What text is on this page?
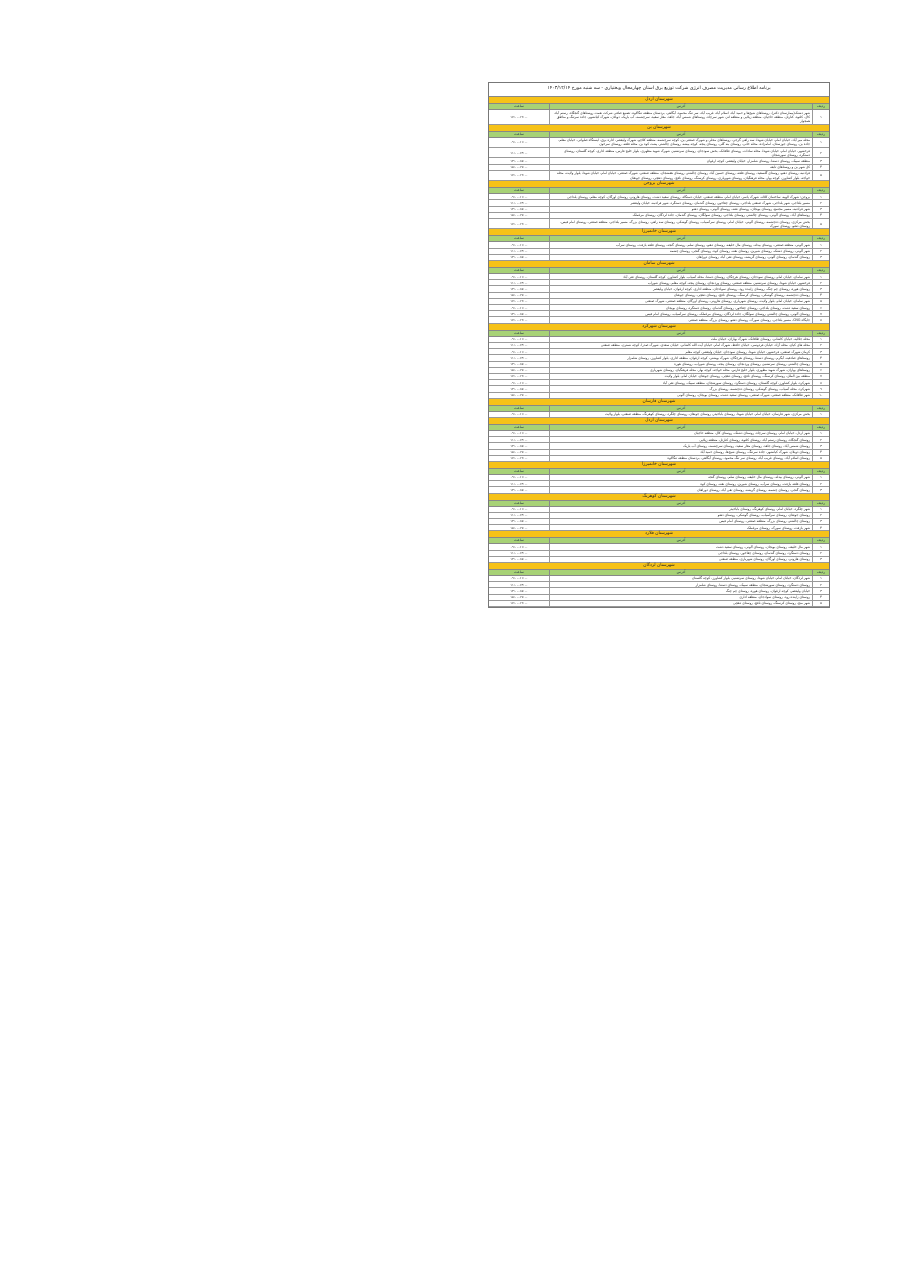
برنامه اطلاع رسانی مدیریت مصرف انرژی شرکت توزیع برق استان چهارمحال وبختیاری - سه شنبه مورخ ۱۴۰۳/۱۲/۱۴
شهرستان اردل
ردیف
آدرس
ساعت
۱
شهر دشتک(بیمارستان دکتر)، روستاهای شیخ‌ها و حمید آباد، اسلام آباد، غریب آباد، سر تنگ محمود، آبگاهی، بردستان منطقه تنگاکوه، تصنیع صافی شرکت نعمت روستاهای گنجگاه، رستم آباد، کال، کلتوه، کنارتل، منطقه حاجیان، منطقه زیلایی و منطقه لنز، شهر سرچاه، روستاهای شمس آباد، جاهد، مغار سفید، سرچشمه، آب باریک، دوبلان، شهرک کیانشهر، جاده سرتنگ و مناطق همجوار
۱۷:۰۰-۱۹:۰۰
شهرستان بن
ردیف
آدرس
ساعت
۱
محله میر آباد، خیابان امام، خیابان شهدا، سه راهی گرجی، روستاهای محلی و شهرک صنعتی بن، کوچه سرچشمه، منطقه کلاچو، شهرک ولیعصر، اداره برق، ایستگاه صلواتی، خیابان معلم، جاده بن، روستای جوزستان، امامزاده، محله خانی، روستای بنه گلی، روستای پنجه، کوچه بیشه، روستای چالشتر، پشت کوه بن، محله قلعه، روستای سرخون
۰۹:۰۰-۱۱:۰۰
۲
فرخشهر، خیابان امام، خیابان شهدا، محله سادات، روستای طاقانک، بخش سودجان، روستای سرتشنیز، شهرک شهید مطهری، بلوار خلیج فارس، منطقه اداری، کوچه گلستان، روستای دستگرد، روستای سورشجان
۱۱:۰۰-۱۳:۰۰
۳
منطقه سیبک، روستای دستنا، روستای شلمزار، خیابان ولیعصر، کوچه ارغوان
۱۳:۰۰-۱۵:۰۰
۴
کل شهر بن و روستاهای تابعه
۱۵:۰۰-۱۷:۰۰
۵
فرادنبه، روستای دهنو، روستای گلسفید، روستای قلعه، روستای حسین آباد، روستای چالشتر، روستای هفشجان، منطقه صنعتی، شهرک صنعتی، خیابان امام، خیابان شهدا، بلوار ولایت، محله خواجه، بلوار کشاورز، کوچه بهار، محله فرهنگیان، روستای شهریاری، روستای کرسنگ، روستای نافچ، روستای دهچی، روستای جونقان
۱۷:۰۰-۱۹:۰۰
شهرستان بروجن
ردیف
آدرس
ساعت
۱
بروجن: شهرک الهیه، ساختمان کلاله، شهرک یاسر، خیابان امام، منطقه صنعتی، خیابان دستگاه، روستای سفید دشت، روستای هارونی، روستای اورگان، کوچه معلم، روستای بلداجی
۰۹:۰۰-۱۱:۰۰
۲
مسیر بلداجی، شهر بلداجی، شهرک صنعتی بلداجی، روستای چغاخور، روستای گندمان، روستای دستگرد، شهر فرادنبه، خیابان ولیعصر
۱۱:۰۰-۱۳:۰۰
۳
شهر فرادنبه، مسیر مجتمع، روستای بویجان، روستای نقنه، روستای آلونی، روستای دهنو
۱۳:۰۰-۱۵:۰۰
۴
روستاهای آباد، روستای آلونی، روستای چالشتر، روستای بلداجی، روستای سولگان، روستای گندمان، جاده لردگان، روستای مرغملک
۱۵:۰۰-۱۷:۰۰
۵
بخش مرکزی، روستای ده‌چشمه، روستای آلونی، خیابان امام، روستای سرآسیاب، روستای گوشکی، روستای سه راهی، روستای بزرگ، مسیر بلداجی، منطقه صنعتی، روستای امام قیس، روستای دهنو، روستای سورک
۱۷:۰۰-۱۹:۰۰
شهرستان خانمیرزا
ردیف
آدرس
ساعت
۱
شهر آلونی، منطقه صنعتی، روستای بیدله، روستای مال خلیفه، روستای دهنو، روستای سلم، روستای گنجه، روستای قلعه بازفت، روستای سرآب
۰۹:۰۰-۱۱:۰۰
۲
شهر آلونی، روستای دشتک، روستای شیرین، روستای نقنه، روستای کوه، روستای گنجی، روستای چشمه
۱۱:۰۰-۱۳:۰۰
۳
روستای گندمان، روستای آلونی، روستای گریشه، روستای تقی آباد، روستای دوراهان
۱۳:۰۰-۱۵:۰۰
شهرستان سامان
ردیف
آدرس
ساعت
۱
شهر سامان، خیابان امام، روستای سودجان، روستای هرچگان، روستای دستنا، محله آسیاب، بلوار کشاورز، کوچه گلستان، روستای تقی آباد
۰۹:۰۰-۱۱:۰۰
۲
فرخشهر، خیابان شهدا، روستای سرتشنیز، منطقه صنعتی، روستای وردنجان، روستای پنجه، کوچه معلم، روستای شوراب
۱۱:۰۰-۱۳:۰۰
۳
روستای هوره، روستای چم چنگ، روستای زاینده رود، روستای سوادجان، منطقه اداری، کوچه ارغوان، خیابان ولیعصر
۱۳:۰۰-۱۵:۰۰
۴
روستای ده‌چشمه، روستای گوشکی، روستای کرسنگ، روستای نافچ، روستای دهچی، روستای جونقان
۱۵:۰۰-۱۷:۰۰
۵
شهر سامان، خیابان امام، بلوار ولایت، روستای شهریاری، روستای هارونی، روستای اورگان، منطقه صنعتی، شهرک صنعتی
۱۷:۰۰-۱۹:۰۰
۶
روستای سفید دشت، روستای بلداجی، روستای چغاخور، روستای گندمان، روستای دستگرد، روستای بویجان
۰۹:۰۰-۱۱:۰۰
۷
روستای آلونی، روستای چالشتر، روستای سولگان، جاده لردگان، روستای مرغملک، روستای سرآسیاب، روستای امام قیس
۱۳:۰۰-۱۵:۰۰
۸
جایگاه CNG، مسیر بلداجی، روستای سورک، روستای دهنو، روستای بزرگ، منطقه صنعتی
۱۷:۰۰-۱۹:۰۰
شهرستان شهرکرد
ردیف
آدرس
ساعت
۱
محله جلالیه، خیابان کاشانی، روستای طاقانک، شهرک بهاران، خیابان ملت
۰۹:۰۰-۱۱:۰۰
۲
محله های کیان، محله آزاد، خیابان فردوسی، خیابان حافظ، شهرک امام، خیابان آیت الله کاشانی، خیابان سعدی، شهرک صدرا، کوچه نسترن، منطقه صنعتی
۱۱:۰۰-۱۳:۰۰
۳
کرمان شهرک صنعتی، فرخشهر، خیابان شهدا، روستای سودجان، خیابان ولیعصر، کوچه معلم
۰۹:۰۰-۱۱:۰۰
۴
روستاهای صادقیه، آبگرم، روستای دستنا، روستای هرچگان، شهرک بهشتی، کوچه ارغوان، منطقه اداری، بلوار کشاورز، روستای شلمزار
۱۱:۰۰-۱۳:۰۰
۵
روستای چالشتر، روستای سرتشنیز، روستای وردنجان، روستای پنجه، روستای شوراب، روستای هوره
۱۳:۰۰-۱۵:۰۰
۶
روستاهای بهاران، شهرک شهید مطهری، بلوار خلیج فارس، محله خواجه، کوچه بهار، محله فرهنگیان، روستای شهریاری
۱۵:۰۰-۱۷:۰۰
۷
منطقه بین الملل، روستای کرسنگ، روستای نافچ، روستای دهچی، روستای جونقان، خیابان امام، بلوار ولایت
۱۷:۰۰-۱۹:۰۰
۸
شهرکرد، بلوار کشاورز، کوچه گلستان، روستای دستگرد، روستای سورشجان، منطقه سیبک، روستای تقی آباد
۰۹:۰۰-۱۱:۰۰
۹
شهرکرد، محله آسیاب، روستای گوشکی، روستای ده‌چشمه، روستای بزرگ
۱۳:۰۰-۱۵:۰۰
۱۰
شهر طاقانک، منطقه صنعتی، شهرک صنعتی، روستای سفید دشت، روستای بویجان، روستای آلونی
۱۵:۰۰-۱۷:۰۰
شهرستان فارسان
ردیف
آدرس
ساعت
۱
بخش مرکزی، شهر فارسان، خیابان امام، خیابان شهدا، روستای باباحیدر، روستای جونقان، روستای چلگرد، روستای کوهرنگ، منطقه صنعتی، بلوار ولایت
۰۹:۰۰-۱۱:۰۰
شهرستان اردل
ردیف
آدرس
ساعت
۱
شهر اردل، خیابان امام، روستای سرچاه، روستای دشتک، روستای کال، منطقه حاجیان
۰۹:۰۰-۱۱:۰۰
۲
روستای گنجگاه، روستای رستم آباد، روستای کلتوه، روستای کنارتل، منطقه زیلایی
۱۱:۰۰-۱۳:۰۰
۳
روستای شمس آباد، روستای جاهد، روستای مغار سفید، روستای سرچشمه، روستای آب باریک
۱۳:۰۰-۱۵:۰۰
۴
روستای دوبلان، شهرک کیانشهر، جاده سرتنگ، روستای شیخ‌ها، روستای حمید آباد
۱۵:۰۰-۱۷:۰۰
۵
روستای اسلام آباد، روستای غریب آباد، روستای سر تنگ محمود، روستای آبگاهی، بردستان منطقه تنگاکوه
۱۷:۰۰-۱۹:۰۰
شهرستان خانمیرزا
ردیف
آدرس
ساعت
۱
شهر آلونی، روستای بیدله، روستای مال خلیفه، روستای سلم، روستای گنجه
۰۹:۰۰-۱۱:۰۰
۲
روستای قلعه بازفت، روستای سرآب، روستای شیرین، روستای نقنه، روستای کوه
۱۱:۰۰-۱۳:۰۰
۳
روستای گنجی، روستای چشمه، روستای گریشه، روستای تقی آباد، روستای دوراهان
۱۳:۰۰-۱۵:۰۰
شهرستان کوهرنگ
ردیف
آدرس
ساعت
۱
شهر چلگرد، خیابان امام، روستای کوهرنگ، روستای باباحیدر
۰۹:۰۰-۱۱:۰۰
۲
روستای جونقان، روستای سرآسیاب، روستای گوشکی، روستای دهنو
۱۱:۰۰-۱۳:۰۰
۳
روستای چالشتر، روستای بزرگ، منطقه صنعتی، روستای امام قیس
۱۳:۰۰-۱۵:۰۰
۴
شهر بازفت، روستای سورک، روستای مرغملک
۱۵:۰۰-۱۷:۰۰
شهرستان فلارد
ردیف
آدرس
ساعت
۱
شهر مال خلیفه، روستای بویجان، روستای آلونی، روستای سفید دشت
۰۹:۰۰-۱۱:۰۰
۲
روستای دستگرد، روستای گندمان، روستای چغاخور، روستای بلداجی
۱۱:۰۰-۱۳:۰۰
۳
روستای هارونی، روستای اورگان، روستای شهریاری، منطقه صنعتی
۱۳:۰۰-۱۵:۰۰
شهرستان لردگان
ردیف
آدرس
ساعت
۱
شهر لردگان، خیابان امام، خیابان شهدا، روستای سرتشنیز، بلوار کشاورز، کوچه گلستان
۰۹:۰۰-۱۱:۰۰
۲
روستای دستگرد، روستای سورشجان، منطقه سیبک، روستای دستنا، روستای شلمزار
۱۱:۰۰-۱۳:۰۰
۳
خیابان ولیعصر، کوچه ارغوان، روستای هوره، روستای چم چنگ
۱۳:۰۰-۱۵:۰۰
۴
روستای زاینده رود، روستای سوادجان، منطقه اداری
۱۵:۰۰-۱۷:۰۰
۵
شهر منج، روستای کرسنگ، روستای نافچ، روستای دهچی
۱۷:۰۰-۱۹:۰۰
